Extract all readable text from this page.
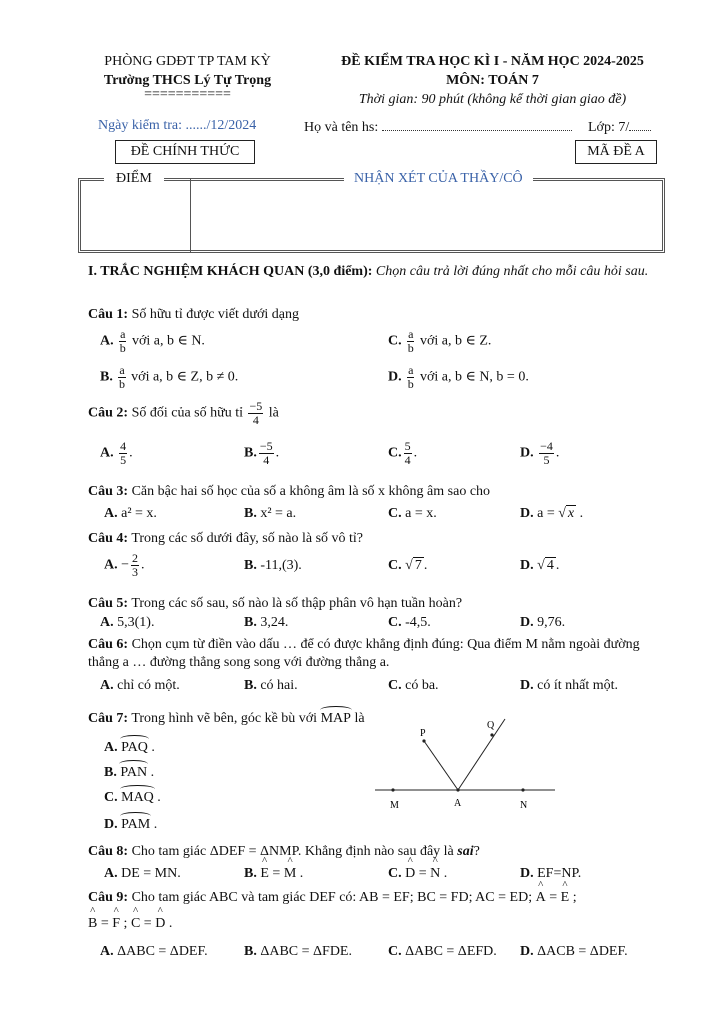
PHÒNG GDĐT TP TAM KỲ
Trường THCS Lý Tự Trọng
===========
ĐỀ KIỂM TRA HỌC KÌ I - NĂM HỌC 2024-2025
MÔN: TOÁN 7
Thời gian: 90 phút (không kể thời gian giao đề)
Ngày kiểm tra: ....../12/2024	Họ và tên hs:	Lớp: 7/
ĐỀ CHÍNH THỨC	MÃ ĐỀ A
ĐIỂM	NHẬN XÉT CỦA THẦY/CÔ
I. TRẮC NGHIỆM KHÁCH QUAN (3,0 điểm): Chọn câu trả lời đúng nhất cho mỗi câu hỏi sau.
Câu 1: Số hữu tỉ được viết dưới dạng
A. $\frac{a}{b}$ với a, b ∈ N.	C. $\frac{a}{b}$ với a, b ∈ Z.
B. $\frac{a}{b}$ với a, b ∈ Z, b ≠ 0.	D. $\frac{a}{b}$ với a, b ∈ N, b = 0.
Câu 2: Số đối của số hữu tỉ $\frac{-5}{4}$ là
A. $\frac{4}{5}$ .	B. $\frac{-5}{4}$ .	C. $\frac{5}{4}$ .	D. $\frac{-4}{5}$ .
Câu 3: Căn bậc hai số học của số a không âm là số x không âm sao cho
A. a² = x.	B. x² = a.	C. a = x.	D. a = √ x .
Câu 4: Trong các số dưới đây, số nào là số vô tỉ?
A. − $\frac{2}{3}$ .	B. -11,(3).	C. √ 7 .	D. √ 4 .
Câu 5: Trong các số sau, số nào là số thập phân vô hạn tuần hoàn?
A. 5,3(1).	B. 3,24.	C. -4,5.	D. 9,76.
Câu 6: Chọn cụm từ điền vào dấu … để có được khẳng định đúng: Qua điểm M nằm ngoài đường thẳng a … đường thẳng song song với đường thẳng a.
A. chỉ có một.	B. có hai.	C. có ba.	D. có ít nhất một.
Câu 7: Trong hình vẽ bên, góc kề bù với MAP là
A. PAQ .
B. PAN .
C. MAQ .
D. PAM .
P
Q
M	A	N
Câu 8: Cho tam giác ΔDEF = ΔNMP. Khẳng định nào sau đây là sai?
A. DE = MN.	B. ^ E = ^ M .	C. ^ D = ^ N .	D. EF=NP.
Câu 9: Cho tam giác ABC và tam giác DEF có: AB = EF; BC = FD; AC = ED; ^ A = ^ E ;
^ B = ^ F ; ^ C = ^ D .
A. ΔABC = ΔDEF.	B. ΔABC = ΔFDE.	C. ΔABC = ΔEFD. D. ΔACB = ΔDEF.
